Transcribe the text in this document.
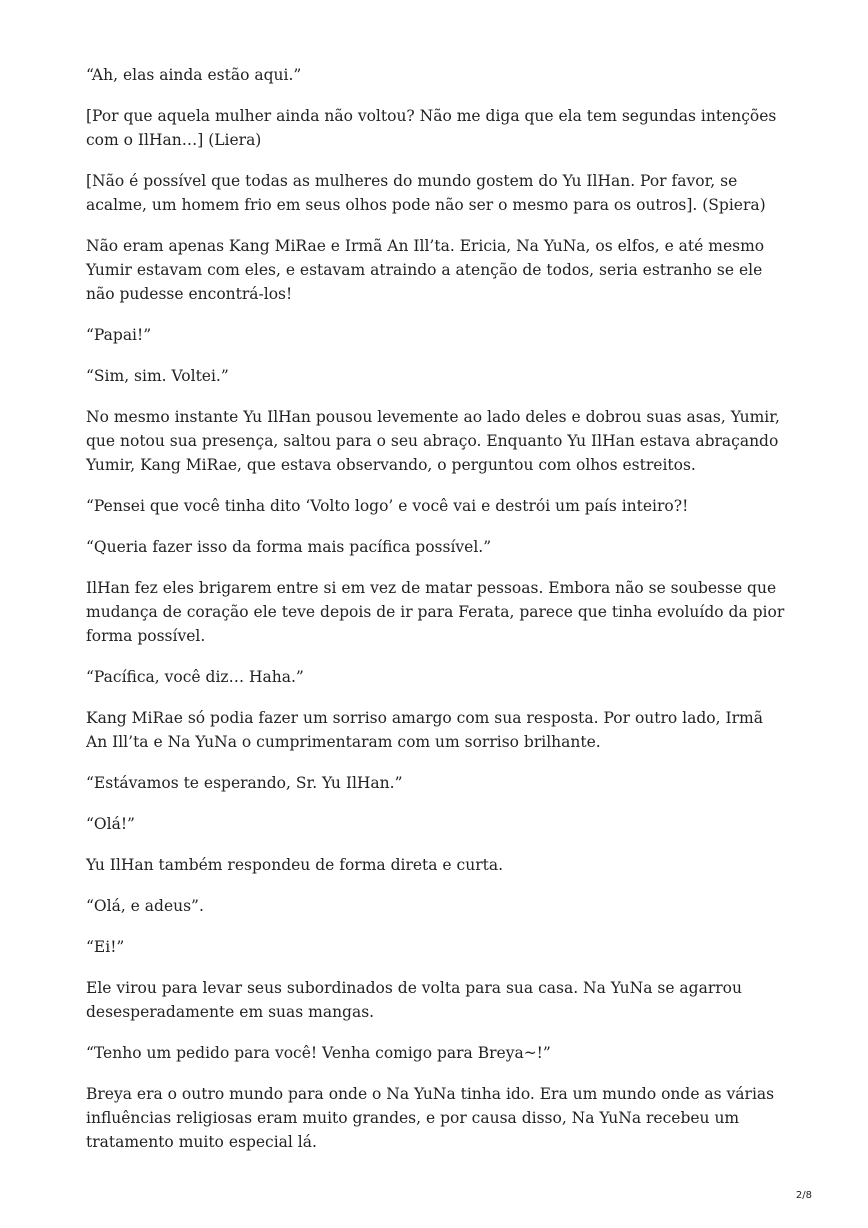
“Ah, elas ainda estão aqui.”

[Por que aquela mulher ainda não voltou? Não me diga que ela tem segundas intenções com o IlHan…] (Liera)

[Não é possível que todas as mulheres do mundo gostem do Yu IlHan. Por favor, se acalme, um homem frio em seus olhos pode não ser o mesmo para os outros]. (Spiera)

Não eram apenas Kang MiRae e Irmã An Ill’ta. Ericia, Na YuNa, os elfos, e até mesmo Yumir estavam com eles, e estavam atraindo a atenção de todos, seria estranho se ele não pudesse encontrá-los!

“Papai!”

“Sim, sim. Voltei.”

No mesmo instante Yu IlHan pousou levemente ao lado deles e dobrou suas asas, Yumir, que notou sua presença, saltou para o seu abraço. Enquanto Yu IlHan estava abraçando Yumir, Kang MiRae, que estava observando, o perguntou com olhos estreitos.

“Pensei que você tinha dito ‘Volto logo’ e você vai e destrói um país inteiro?!

“Queria fazer isso da forma mais pacífica possível.”

IlHan fez eles brigarem entre si em vez de matar pessoas. Embora não se soubesse que mudança de coração ele teve depois de ir para Ferata, parece que tinha evoluído da pior forma possível.

“Pacífica, você diz… Haha.”

Kang MiRae só podia fazer um sorriso amargo com sua resposta. Por outro lado, Irmã An Ill’ta e Na YuNa o cumprimentaram com um sorriso brilhante.

“Estávamos te esperando, Sr. Yu IlHan.”

“Olá!”

Yu IlHan também respondeu de forma direta e curta.

“Olá, e adeus”.

“Ei!”

Ele virou para levar seus subordinados de volta para sua casa. Na YuNa se agarrou desesperadamente em suas mangas.

“Tenho um pedido para você! Venha comigo para Breya~!”

Breya era o outro mundo para onde o Na YuNa tinha ido. Era um mundo onde as várias influências religiosas eram muito grandes, e por causa disso, Na YuNa recebeu um tratamento muito especial lá.

2/8
